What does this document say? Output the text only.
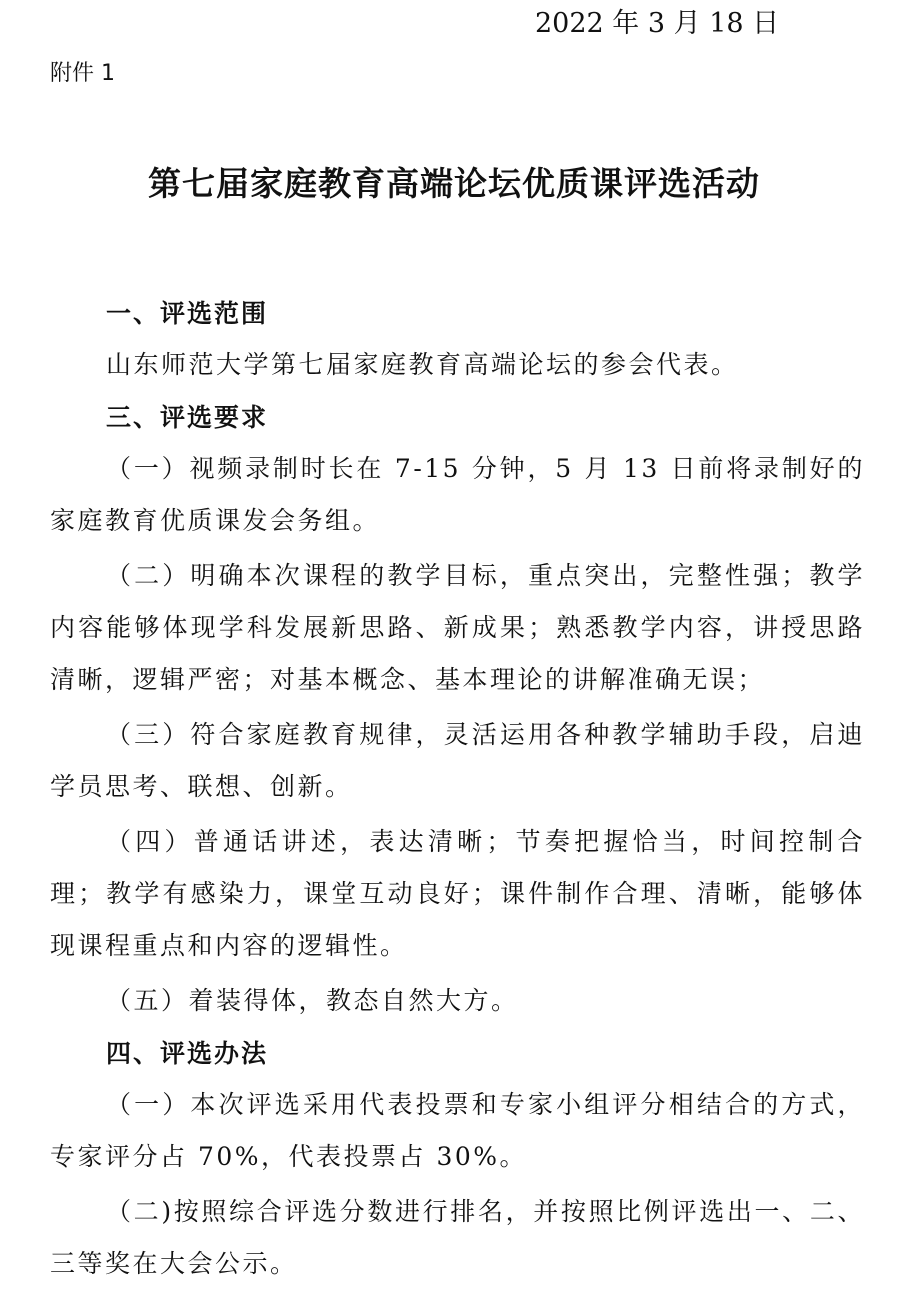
2022 年 3 月 18 日
附件 1
第七届家庭教育高端论坛优质课评选活动

一、评选范围

山东师范大学第七届家庭教育高端论坛的参会代表。

三、评选要求

（一）视频录制时长在 7-15 分钟，5 月 13 日前将录制好的家庭教育优质课发会务组。

（二）明确本次课程的教学目标，重点突出，完整性强；教学内容能够体现学科发展新思路、新成果；熟悉教学内容，讲授思路清晰，逻辑严密；对基本概念、基本理论的讲解准确无误；

（三）符合家庭教育规律，灵活运用各种教学辅助手段，启迪学员思考、联想、创新。

（四）普通话讲述，表达清晰；节奏把握恰当，时间控制合理；教学有感染力，课堂互动良好；课件制作合理、清晰，能够体现课程重点和内容的逻辑性。

（五）着装得体，教态自然大方。

四、评选办法

（一）本次评选采用代表投票和专家小组评分相结合的方式，专家评分占 70%，代表投票占 30%。

（二)按照综合评选分数进行排名，并按照比例评选出一、二、三等奖在大会公示。
